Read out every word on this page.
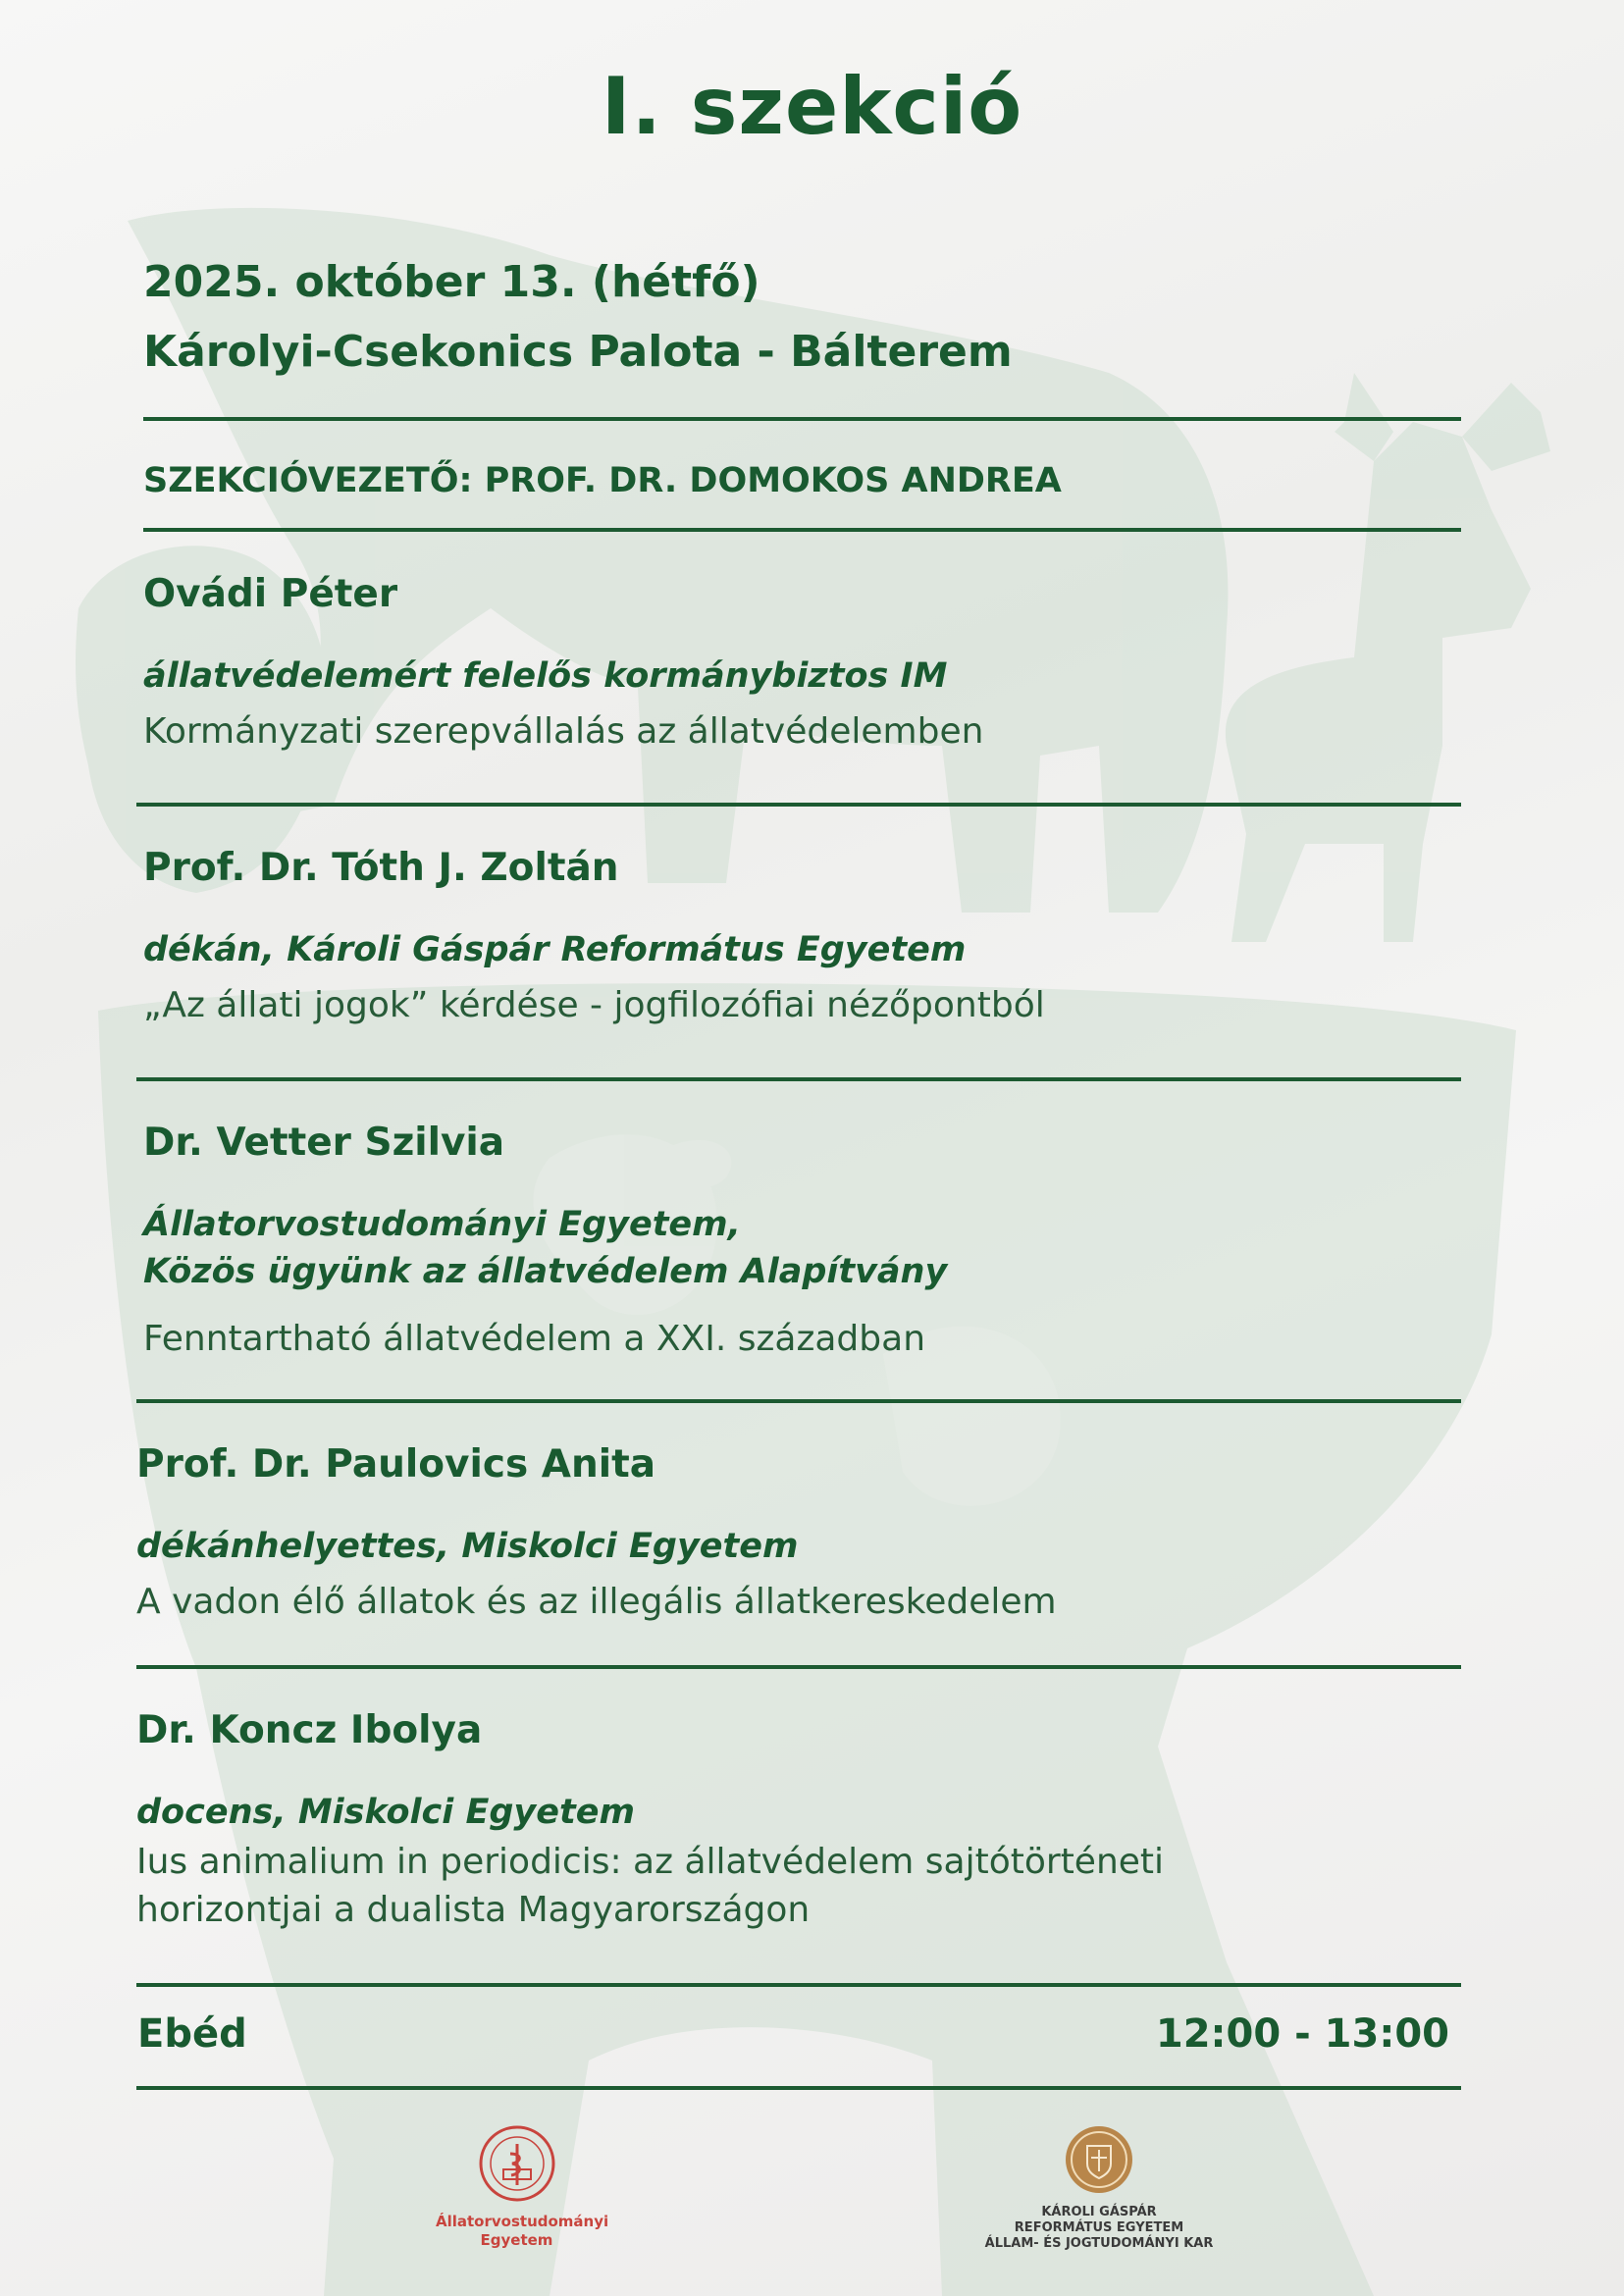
I. szekció
2025. október 13. (hétfő)
Károlyi-Csekonics Palota - Bálterem
SZEKCIÓVEZETŐ: PROF. DR. DOMOKOS ANDREA
Ovádi Péter
állatvédelemért felelős kormánybiztos IM
Kormányzati szerepvállalás az állatvédelemben
Prof. Dr. Tóth J. Zoltán
dékán, Károli Gáspár Református Egyetem
„Az állati jogok” kérdése - jogfilozófiai nézőpontból
Dr. Vetter Szilvia
Állatorvostudományi Egyetem,
Közös ügyünk az állatvédelem Alapítvány
Fenntartható állatvédelem a XXI. században
Prof. Dr. Paulovics Anita
dékánhelyettes, Miskolci Egyetem
A vadon élő állatok és az illegális állatkereskedelem
Dr. Koncz Ibolya
docens, Miskolci Egyetem
Ius animalium in periodicis: az állatvédelem sajtótörténeti
horizontjai a dualista Magyarországon
Ebéd	12:00 - 13:00
Állatorvostudományi
Egyetem
KÁROLI GÁSPÁR
REFORMÁTUS EGYETEM
ÁLLAM- ÉS JOGTUDOMÁNYI KAR
